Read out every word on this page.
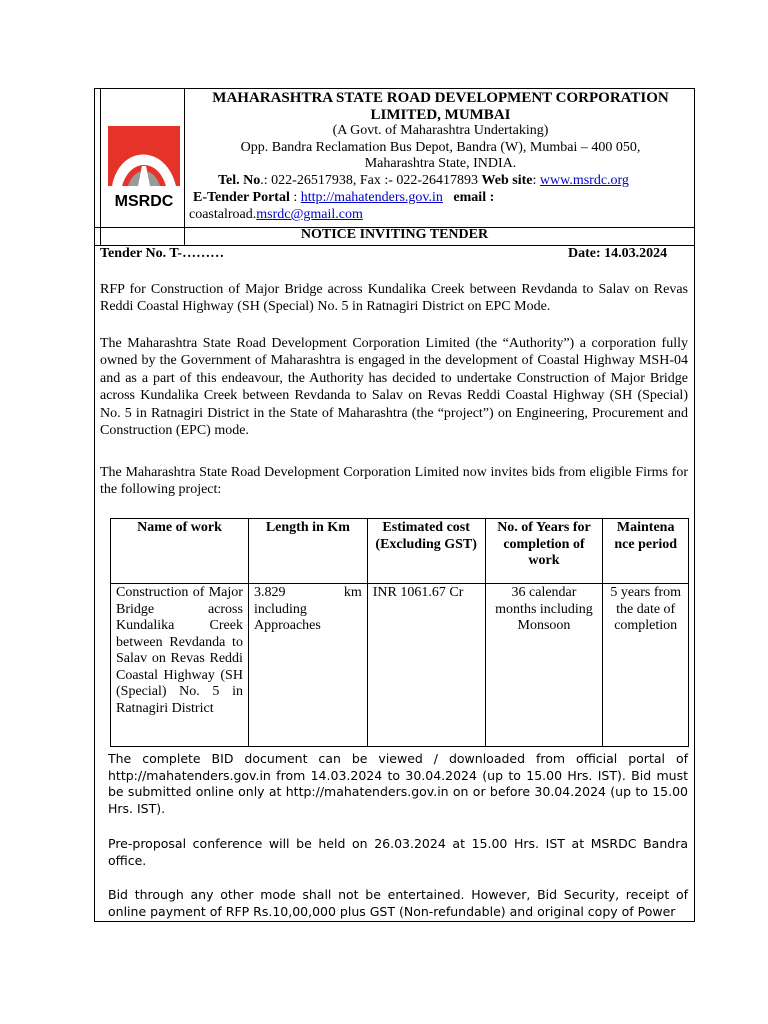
MSRDC
MAHARASHTRA STATE ROAD DEVELOPMENT CORPORATION
LIMITED, MUMBAI
(A Govt. of Maharashtra Undertaking)
Opp. Bandra Reclamation Bus Depot, Bandra (W), Mumbai – 400 050,
Maharashtra State, INDIA.
Tel. No.: 022-26517938, Fax :- 022-26417893 Web site: www.msrdc.org
E-Tender Portal : http://mahatenders.gov.in email :
coastalroad.msrdc@gmail.com
NOTICE INVITING TENDER
Tender No. T-………	Date: 14.03.2024
RFP for Construction of Major Bridge across Kundalika Creek between Revdanda to Salav on Revas Reddi Coastal Highway (SH (Special) No. 5 in Ratnagiri District on EPC Mode.
The Maharashtra State Road Development Corporation Limited (the “Authority”) a corporation fully owned by the Government of Maharashtra is engaged in the development of Coastal Highway MSH-04 and as a part of this endeavour, the Authority has decided to undertake Construction of Major Bridge across Kundalika Creek between Revdanda to Salav on Revas Reddi Coastal Highway (SH (Special) No. 5 in Ratnagiri District in the State of Maharashtra (the “project”) on Engineering, Procurement and Construction (EPC) mode.
The Maharashtra State Road Development Corporation Limited now invites bids from eligible Firms for the following project:
Name of work	Length in Km	Estimated cost (Excluding GST)	No. of Years for completion of work	Maintena nce period
Construction of Major Bridge across Kundalika Creek between Revdanda to Salav on Revas Reddi Coastal Highway (SH (Special) No. 5 in Ratnagiri District	3.829 km including Approaches	INR 1061.67 Cr	36 calendar months including Monsoon	5 years from the date of completion
The complete BID document can be viewed / downloaded from official portal of http://mahatenders.gov.in from 14.03.2024 to 30.04.2024 (up to 15.00 Hrs. IST). Bid must be submitted online only at http://mahatenders.gov.in on or before 30.04.2024 (up to 15.00 Hrs. IST).
Pre-proposal conference will be held on 26.03.2024 at 15.00 Hrs. IST at MSRDC Bandra office.
Bid through any other mode shall not be entertained. However, Bid Security, receipt of online payment of RFP Rs.10,00,000 plus GST (Non-refundable) and original copy of Power
